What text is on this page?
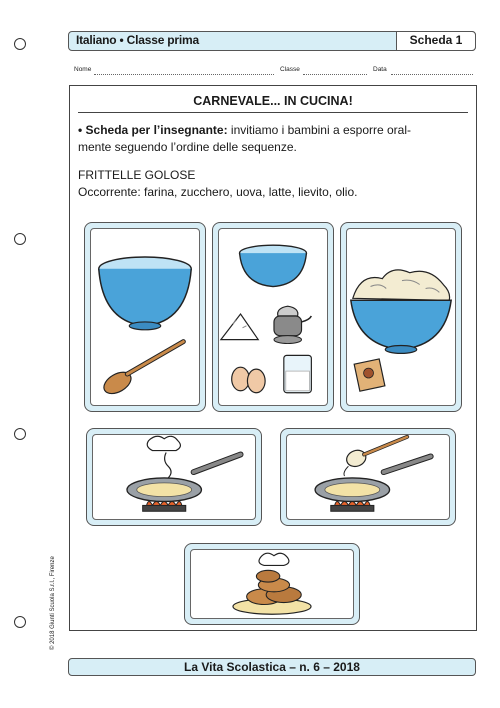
Italiano • Classe prima	Scheda 1
Nome	Classe	Data
CARNEVALE... IN CUCINA!
• Scheda per l’insegnante: invitiamo i bambini a esporre oral-
mente seguendo l’ordine delle sequenze.
FRITTELLE GOLOSE
Occorrente: farina, zucchero, uova, latte, lievito, olio.
© 2018 Giunti Scuola S.r.l., Firenze
La Vita Scolastica – n. 6 – 2018
